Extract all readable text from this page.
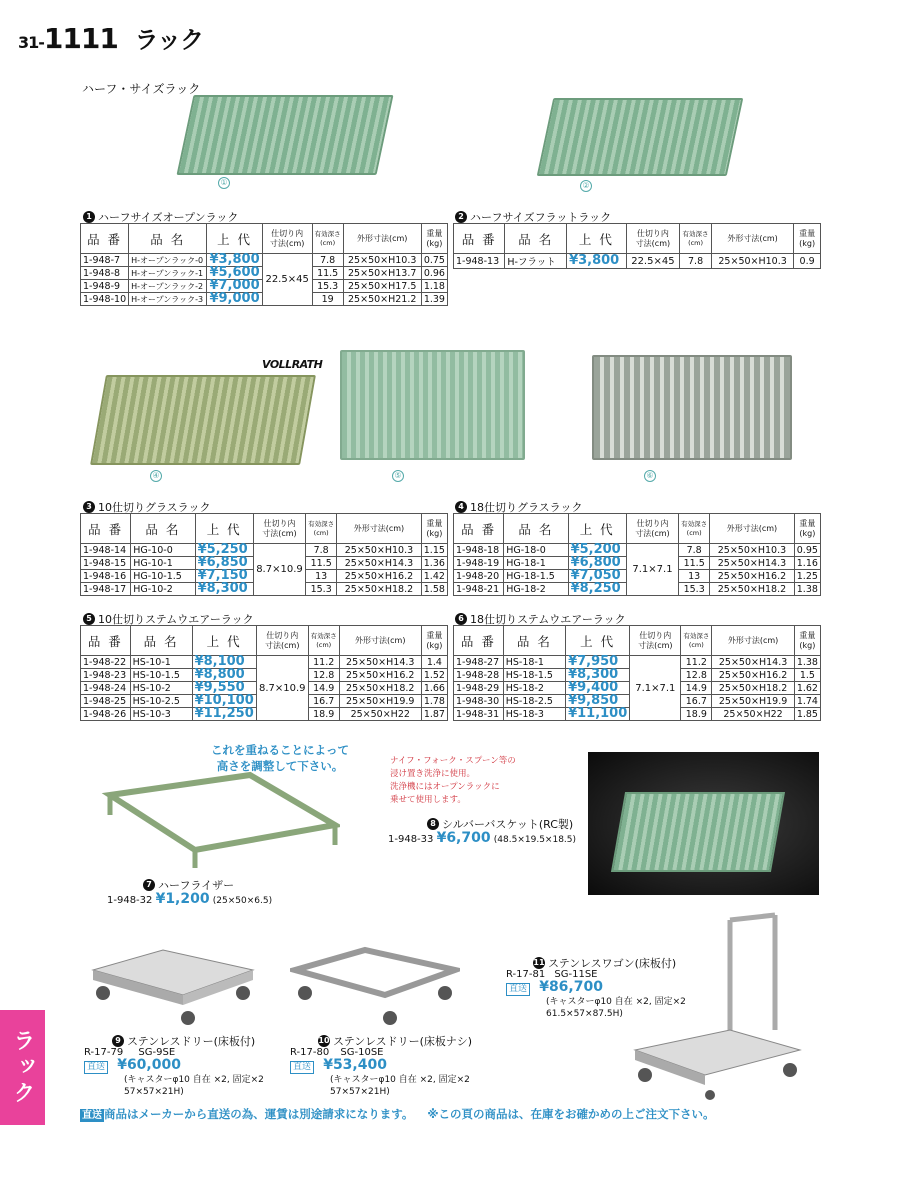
31-1111 ラック
ハーフ・サイズラック
①	②
1 ハーフサイズオープンラック
品 番	品 名	上 代	仕切り内
寸法(cm)	有効深さ
(cm)	外形寸法(cm)	重量
(kg)
1-948-7	H-オープンラック-0	¥3,800	22.5×45	7.8	25×50×H10.3	0.75
1-948-8	H-オープンラック-1	¥5,600		11.5	25×50×H13.7	0.96
1-948-9	H-オープンラック-2	¥7,000		15.3	25×50×H17.5	1.18
1-948-10	H-オープンラック-3	¥9,000		19	25×50×H21.2	1.39
2 ハーフサイズフラットラック
品 番	品 名	上 代	仕切り内
寸法(cm)	有効深さ
(cm)	外形寸法(cm)	重量
(kg)
1-948-13	H-フラット	¥3,800	22.5×45	7.8	25×50×H10.3	0.9
VOLLRATH
④	⑤	⑥
3 10仕切りグラスラック
品 番	品 名	上 代	仕切り内
寸法(cm)	有効深さ
(cm)	外形寸法(cm)	重量
(kg)
1-948-14	HG-10-0	¥5,250	8.7×10.9	7.8	25×50×H10.3	1.15
1-948-15	HG-10-1	¥6,850		11.5	25×50×H14.3	1.36
1-948-16	HG-10-1.5	¥7,150		13	25×50×H16.2	1.42
1-948-17	HG-10-2	¥8,300		15.3	25×50×H18.2	1.58
4 18仕切りグラスラック
品 番	品 名	上 代	仕切り内
寸法(cm)	有効深さ
(cm)	外形寸法(cm)	重量
(kg)
1-948-18	HG-18-0	¥5,200	7.1×7.1	7.8	25×50×H10.3	0.95
1-948-19	HG-18-1	¥6,800		11.5	25×50×H14.3	1.16
1-948-20	HG-18-1.5	¥7,050		13	25×50×H16.2	1.25
1-948-21	HG-18-2	¥8,250		15.3	25×50×H18.2	1.38
5 10仕切りステムウエアーラック
品 番	品 名	上 代	仕切り内
寸法(cm)	有効深さ
(cm)	外形寸法(cm)	重量
(kg)
1-948-22	HS-10-1	¥8,100	8.7×10.9	11.2	25×50×H14.3	1.4
1-948-23	HS-10-1.5	¥8,800		12.8	25×50×H16.2	1.52
1-948-24	HS-10-2	¥9,550		14.9	25×50×H18.2	1.66
1-948-25	HS-10-2.5	¥10,100		16.7	25×50×H19.9	1.78
1-948-26	HS-10-3	¥11,250		18.9	25×50×H22	1.87
6 18仕切りステムウエアーラック
品 番	品 名	上 代	仕切り内
寸法(cm)	有効深さ
(cm)	外形寸法(cm)	重量
(kg)
1-948-27	HS-18-1	¥7,950	7.1×7.1	11.2	25×50×H14.3	1.38
1-948-28	HS-18-1.5	¥8,300		12.8	25×50×H16.2	1.5
1-948-29	HS-18-2	¥9,400		14.9	25×50×H18.2	1.62
1-948-30	HS-18-2.5	¥9,850		16.7	25×50×H19.9	1.74
1-948-31	HS-18-3	¥11,100		18.9	25×50×H22	1.85
これを重ねることによって
高さを調整して下さい。
7 ハーフライザー
1-948-32 ¥1,200 (25×50×6.5)
ナイフ・フォーク・スプーン等の
浸け置き洗浄に使用。
洗浄機にはオープンラックに
乗せて使用します。
8 シルバーバスケット(RC製)
1-948-33 ¥6,700 (48.5×19.5×18.5)
9 ステンレスドリー(床板付)
R-17-79 SG-9SE
直送 ¥60,000
(キャスターφ10 自在 ×2, 固定×2
57×57×21H)
10 ステンレスドリー(床板ナシ)
R-17-80 SG-10SE
直送 ¥53,400
(キャスターφ10 自在 ×2, 固定×2
57×57×21H)
11 ステンレスワゴン(床板付)
R-17-81 SG-11SE
直送 ¥86,700
(キャスターφ10 自在 ×2, 固定×2
61.5×57×87.5H)
ラック
直送 商品はメーカーから直送の為、運賃は別途請求になります。 ※この頁の商品は、在庫をお確かめの上ご注文下さい。
